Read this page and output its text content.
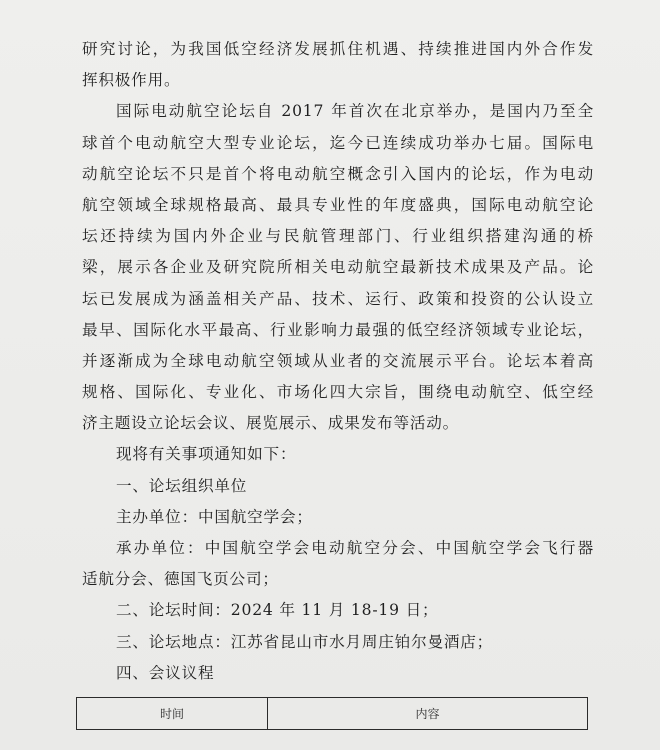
研究讨论，为我国低空经济发展抓住机遇、持续推进国内外合作发
挥积极作用。
国际电动航空论坛自 2017 年首次在北京举办，是国内乃至全
球首个电动航空大型专业论坛，迄今已连续成功举办七届。国际电
动航空论坛不只是首个将电动航空概念引入国内的论坛，作为电动
航空领域全球规格最高、最具专业性的年度盛典，国际电动航空论
坛还持续为国内外企业与民航管理部门、行业组织搭建沟通的桥
梁，展示各企业及研究院所相关电动航空最新技术成果及产品。论
坛已发展成为涵盖相关产品、技术、运行、政策和投资的公认设立
最早、国际化水平最高、行业影响力最强的低空经济领域专业论坛，
并逐渐成为全球电动航空领域从业者的交流展示平台。论坛本着高
规格、国际化、专业化、市场化四大宗旨，围绕电动航空、低空经
济主题设立论坛会议、展览展示、成果发布等活动。
现将有关事项通知如下：
一、论坛组织单位
主办单位：中国航空学会；
承办单位：中国航空学会电动航空分会、中国航空学会飞行器
适航分会、德国飞页公司；
二、论坛时间：2024 年 11 月 18-19 日；
三、论坛地点：江苏省昆山市水月周庄铂尔曼酒店；
四、会议议程
时间	内容
